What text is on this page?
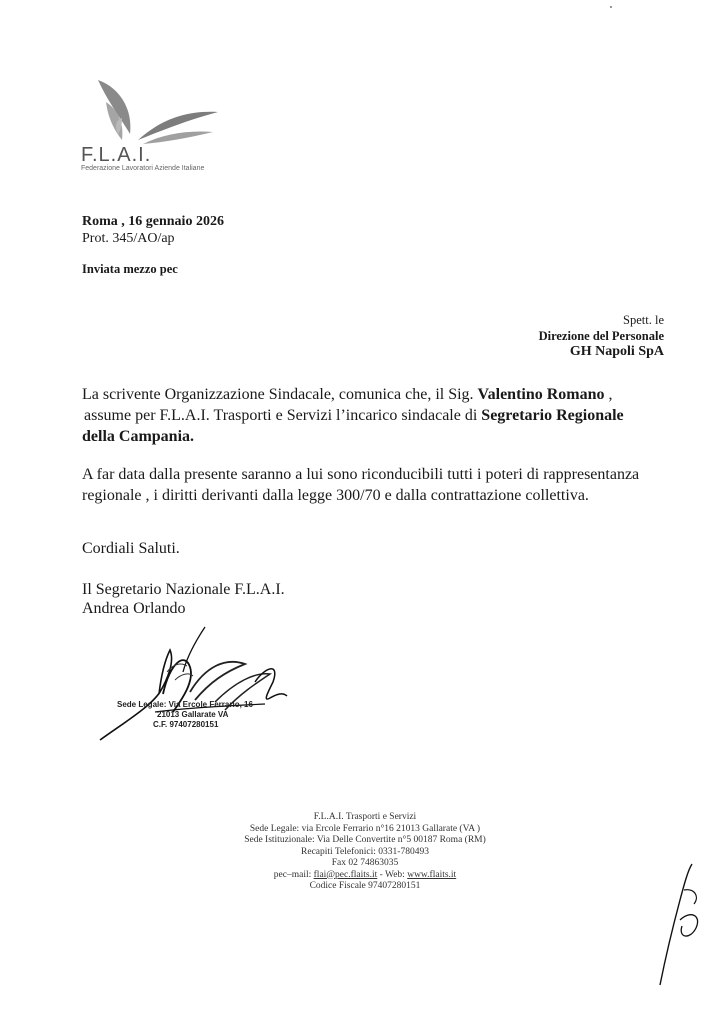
F.L.A.I.
Federazione Lavoratori Aziende Italiane
Roma , 16 gennaio 2026
Prot. 345/AO/ap
Inviata mezzo pec
Spett. le
Direzione del Personale
GH Napoli SpA
La scrivente Organizzazione Sindacale, comunica che, il Sig. Valentino Romano ,
assume per F.L.A.I. Trasporti e Servizi l’incarico sindacale di Segretario Regionale
della Campania.
A far data dalla presente saranno a lui sono riconducibili tutti i poteri di rappresentanza
regionale , i diritti derivanti dalla legge 300/70 e dalla contrattazione collettiva.
Cordiali Saluti.
Il Segretario Nazionale F.L.A.I.
Andrea Orlando
Sede Legale: Via Ercole Ferrario, 16
21013 Gallarate VA
C.F. 97407280151
F.L.A.I. Trasporti e Servizi
Sede Legale: via Ercole Ferrario n°16 21013 Gallarate (VA )
Sede Istituzionale: Via Delle Convertite n°5 00187 Roma (RM)
Recapiti Telefonici: 0331-780493
Fax 02 74863035
pec–mail: flai@pec.flaits.it - Web: www.flaits.it
Codice Fiscale 97407280151
